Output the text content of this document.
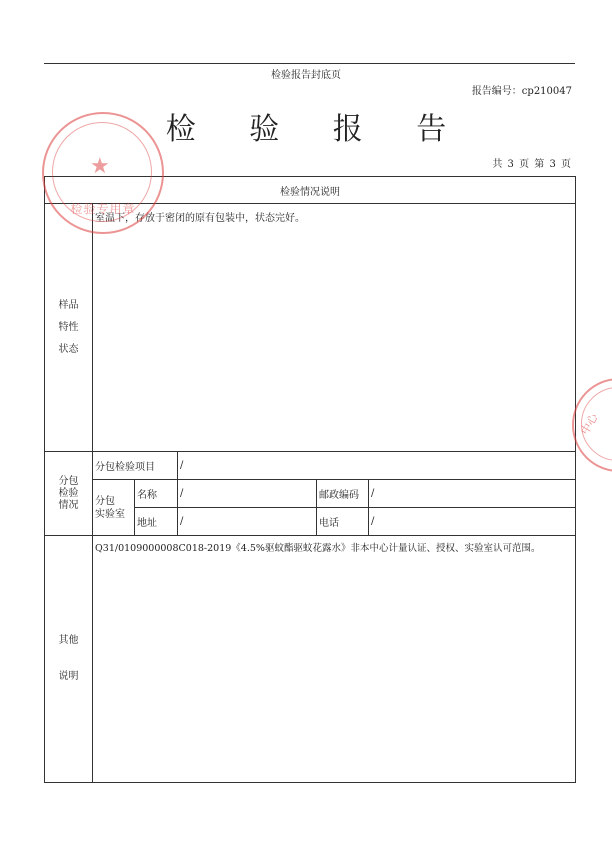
检验报告封底页
报告编号：cp210047
检 验 报 告
共 3 页 第 3 页
检验情况说明					

样品
特性
状态	室温下，存放于密闭的原有包装中，状态完好。				

分包
检验
情况	分包检验项目		/		

	分包
实验室	名称	/	邮政编码	/
		地址	/	电话	/

其他
说明	Q31/0109000008C018-2019《4.5%驱蚊酯驱蚊花露水》非本中心计量认证、授权、实验室认可范围。				
检验专用章
★
中心
